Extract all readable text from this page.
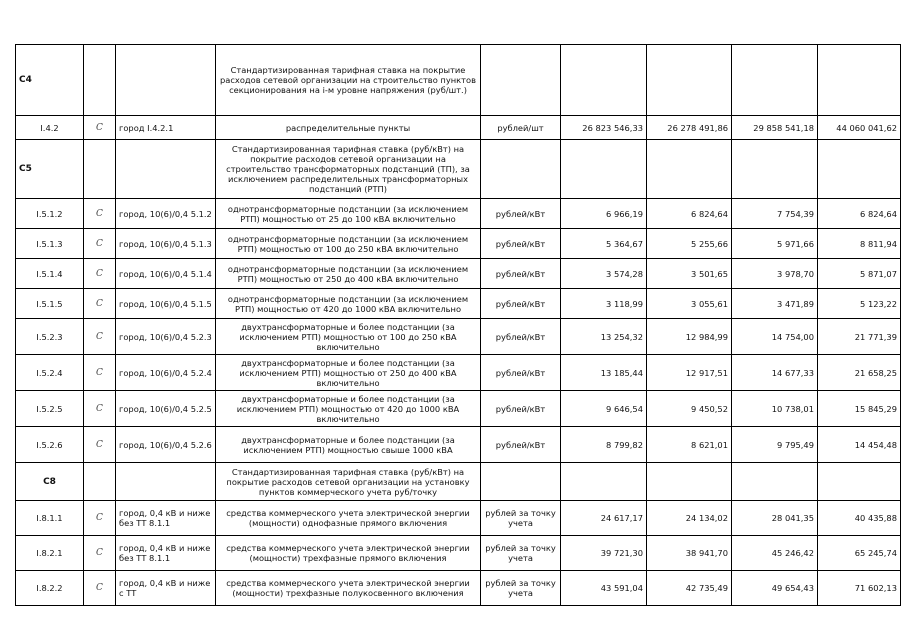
C4			Стандартизированная тарифная ставка на покрытие расходов сетевой организации на строительство пунктов секционирования на i-м уровне напряжения (руб/шт.)					
I.4.2	C	город I.4.2.1	распределительные пункты	рублей/шт	26 823 546,33	26 278 491,86	29 858 541,18	44 060 041,62
C5			Стандартизированная тарифная ставка (руб/кВт) на покрытие расходов сетевой организации на строительство трансформаторных подстанций (ТП), за исключением распределительных трансформаторных подстанций (РТП)					
I.5.1.2	C	город, 10(6)/0,4 5.1.2	однотрансформаторные подстанции (за исключением РТП) мощностью от 25 до 100 кВА включительно	рублей/кВт	6 966,19	6 824,64	7 754,39	6 824,64
I.5.1.3	C	город, 10(6)/0,4 5.1.3	однотрансформаторные подстанции (за исключением РТП) мощностью от 100 до 250 кВА включительно	рублей/кВт	5 364,67	5 255,66	5 971,66	8 811,94
I.5.1.4	C	город, 10(6)/0,4 5.1.4	однотрансформаторные подстанции (за исключением РТП) мощностью от 250 до 400 кВА включительно	рублей/кВт	3 574,28	3 501,65	3 978,70	5 871,07
I.5.1.5	C	город, 10(6)/0,4 5.1.5	однотрансформаторные подстанции (за исключением РТП) мощностью от 420 до 1000 кВА включительно	рублей/кВт	3 118,99	3 055,61	3 471,89	5 123,22
I.5.2.3	C	город, 10(6)/0,4 5.2.3	двухтрансформаторные и более подстанции (за исключением РТП) мощностью от 100 до 250 кВА включительно	рублей/кВт	13 254,32	12 984,99	14 754,00	21 771,39
I.5.2.4	C	город, 10(6)/0,4 5.2.4	двухтрансформаторные и более подстанции (за исключением РТП) мощностью от 250 до 400 кВА включительно	рублей/кВт	13 185,44	12 917,51	14 677,33	21 658,25
I.5.2.5	C	город, 10(6)/0,4 5.2.5	двухтрансформаторные и более подстанции (за исключением РТП) мощностью от 420 до 1000 кВА включительно	рублей/кВт	9 646,54	9 450,52	10 738,01	15 845,29
I.5.2.6	C	город, 10(6)/0,4 5.2.6	двухтрансформаторные и более подстанции (за исключением РТП) мощностью свыше 1000 кВА	рублей/кВт	8 799,82	8 621,01	9 795,49	14 454,48
C8			Стандартизированная тарифная ставка (руб/кВт) на покрытие расходов сетевой организации на установку пунктов коммерческого учета руб/точку					
I.8.1.1	C	город, 0,4 кВ и ниже без ТТ 8.1.1	средства коммерческого учета электрической энергии (мощности) однофазные прямого включения	рублей за точку учета	24 617,17	24 134,02	28 041,35	40 435,88
I.8.2.1	C	город, 0,4 кВ и ниже без ТТ 8.1.1	средства коммерческого учета электрической энергии (мощности) трехфазные прямого включения	рублей за точку учета	39 721,30	38 941,70	45 246,42	65 245,74
I.8.2.2	C	город, 0,4 кВ и ниже с ТТ	средства коммерческого учета электрической энергии (мощности) трехфазные полукосвенного включения	рублей за точку учета	43 591,04	42 735,49	49 654,43	71 602,13
